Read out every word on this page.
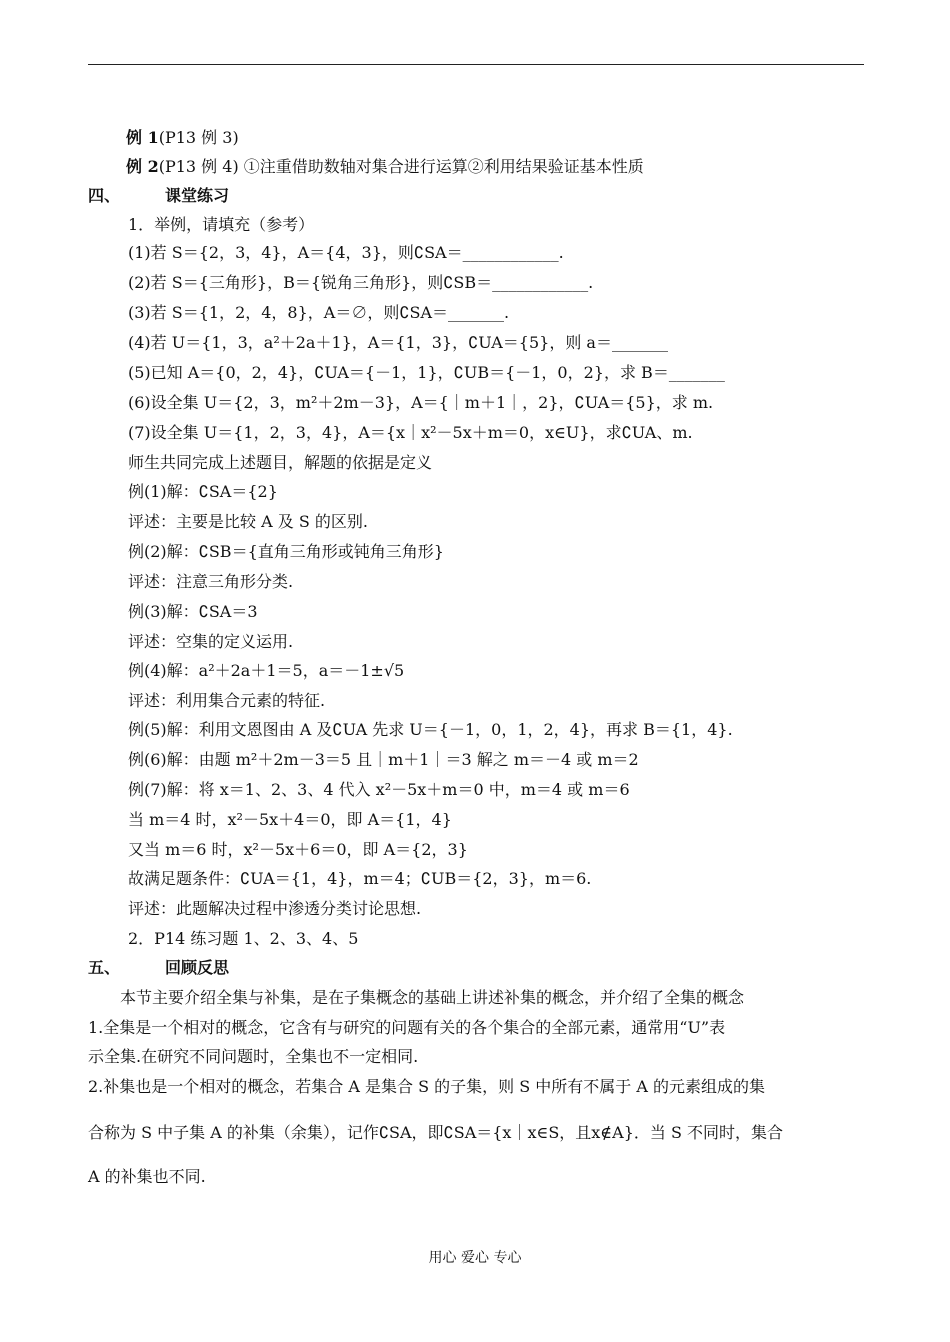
例 1(P13 例 3)
例 2(P13 例 4) ①注重借助数轴对集合进行运算②利用结果验证基本性质
四、	课堂练习
1．举例，请填充（参考）
(1)若 S＝{2，3，4}，A＝{4，3}，则∁SA＝____________.
(2)若 S＝{三角形}，B＝{锐角三角形}，则∁SB＝____________.
(3)若 S＝{1，2，4，8}，A＝∅，则∁SA＝_______.
(4)若 U＝{1，3，a²＋2a＋1}，A＝{1，3}，∁UA＝{5}，则 a＝_______
(5)已知 A＝{0，2，4}，∁UA＝{－1，1}，∁UB＝{－1，0，2}，求 B＝_______
(6)设全集 U＝{2，3，m²＋2m－3}，A＝{｜m＋1｜，2}，∁UA＝{5}，求 m.
(7)设全集 U＝{1，2，3，4}，A＝{x｜x²－5x＋m＝0，x∈U}，求∁UA、m.
师生共同完成上述题目，解题的依据是定义
例(1)解：∁SA＝{2}
评述：主要是比较 A 及 S 的区别.
例(2)解：∁SB＝{直角三角形或钝角三角形}
评述：注意三角形分类.
例(3)解：∁SA＝3
评述：空集的定义运用.
例(4)解：a²＋2a＋1＝5，a＝－1±√5
评述：利用集合元素的特征.
例(5)解：利用文恩图由 A 及∁UA 先求 U＝{－1，0，1，2，4}，再求 B＝{1，4}.
例(6)解：由题 m²＋2m－3＝5 且｜m＋1｜＝3 解之 m＝－4 或 m＝2
例(7)解：将 x＝1、2、3、4 代入 x²－5x＋m＝0 中，m＝4 或 m＝6
当 m＝4 时，x²－5x＋4＝0，即 A＝{1，4}
又当 m＝6 时，x²－5x＋6＝0，即 A＝{2，3}
故满足题条件：∁UA＝{1，4}，m＝4；∁UB＝{2，3}，m＝6.
评述：此题解决过程中渗透分类讨论思想.
2．P14 练习题 1、2、3、4、5
五、	回顾反思
本节主要介绍全集与补集，是在子集概念的基础上讲述补集的概念，并介绍了全集的概念
1.全集是一个相对的概念，它含有与研究的问题有关的各个集合的全部元素，通常用“U”表
示全集.在研究不同问题时，全集也不一定相同.
2.补集也是一个相对的概念，若集合 A 是集合 S 的子集，则 S 中所有不属于 A 的元素组成的集
合称为 S 中子集 A 的补集（余集），记作∁SA，即∁SA＝{x｜x∈S，且x∉A}．当 S 不同时，集合
A 的补集也不同.
用心 爱心 专心
